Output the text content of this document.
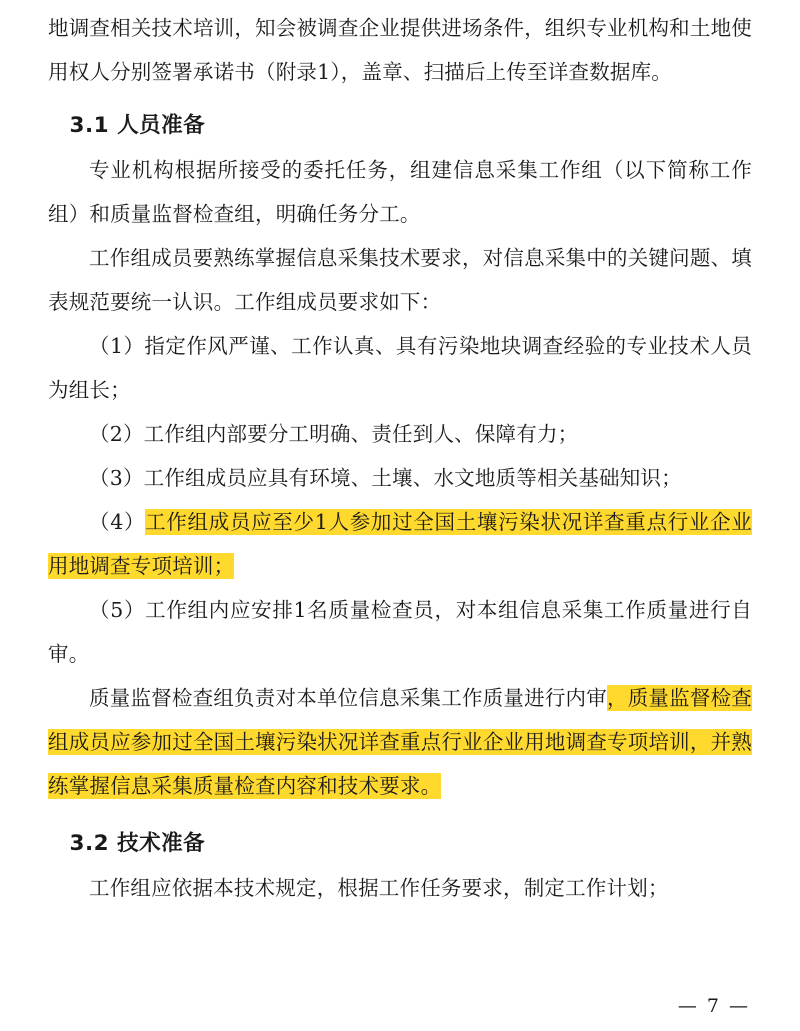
地调查相关技术培训，知会被调查企业提供进场条件，组织专业机构和土地使用权人分别签署承诺书（附录1），盖章、扫描后上传至详查数据库。

3.1 人员准备

专业机构根据所接受的委托任务，组建信息采集工作组（以下简称工作组）和质量监督检查组，明确任务分工。

工作组成员要熟练掌握信息采集技术要求，对信息采集中的关键问题、填表规范要统一认识。工作组成员要求如下：

（1）指定作风严谨、工作认真、具有污染地块调查经验的专业技术人员为组长；

（2）工作组内部要分工明确、责任到人、保障有力；

（3）工作组成员应具有环境、土壤、水文地质等相关基础知识；

（4）工作组成员应至少1人参加过全国土壤污染状况详查重点行业企业用地调查专项培训；

（5）工作组内应安排1名质量检查员，对本组信息采集工作质量进行自审。

质量监督检查组负责对本单位信息采集工作质量进行内审，质量监督检查组成员应参加过全国土壤污染状况详查重点行业企业用地调查专项培训，并熟练掌握信息采集质量检查内容和技术要求。

3.2 技术准备

工作组应依据本技术规定，根据工作任务要求，制定工作计划；

— 7 —
